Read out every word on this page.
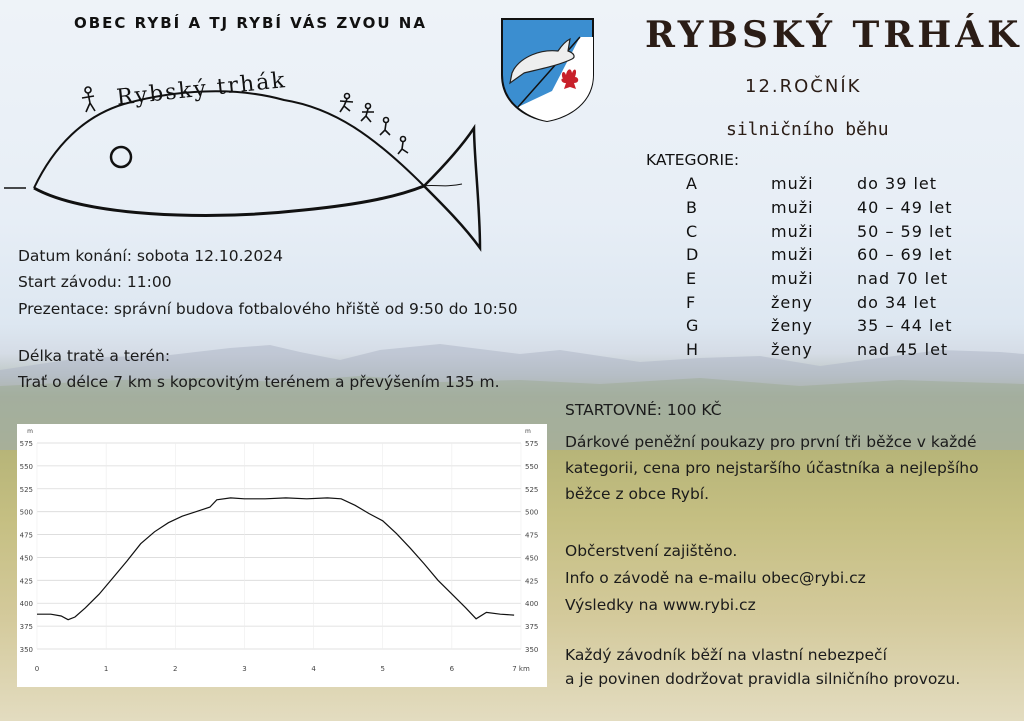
OBEC RYBÍ A TJ RYBÍ VÁS ZVOU NA
Rybský trhák
RYBSKÝ TRHÁK
12.ROČNÍK
silničního běhu
Datum konání: sobota 12.10.2024
Start závodu: 11:00
Prezentace: správní budova fotbalového hřiště od 9:50 do 10:50
Délka tratě a terén:
Trať o délce 7 km s kopcovitým terénem a převýšením 135 m.
KATEGORIE:
A	muži	do 39 let
B	muži	40 – 49 let
C	muži	50 – 59 let
D	muži	60 – 69 let
E	muži	nad 70 let
F	ženy	do 34 let
G	ženy	35 – 44 let
H	ženy	nad 45 let
STARTOVNÉ: 100 KČ
Dárkové peněžní poukazy pro první tři běžce v každé
kategorii, cena pro nejstaršího účastníka a nejlepšího
běžce z obce Rybí.
Občerstvení zajištěno.
Info o závodě na e-mailu obec@rybi.cz
Výsledky na www.rybi.cz
Každý závodník běží na vlastní nebezpečí
a je povinen dodržovat pravidla silničního provozu.
350	350
375	375
400	400
425	425
450	450
475	475
500	500
525	525
550	550
575	575
m	m
0	1	2	3	4	5	6	7 km
